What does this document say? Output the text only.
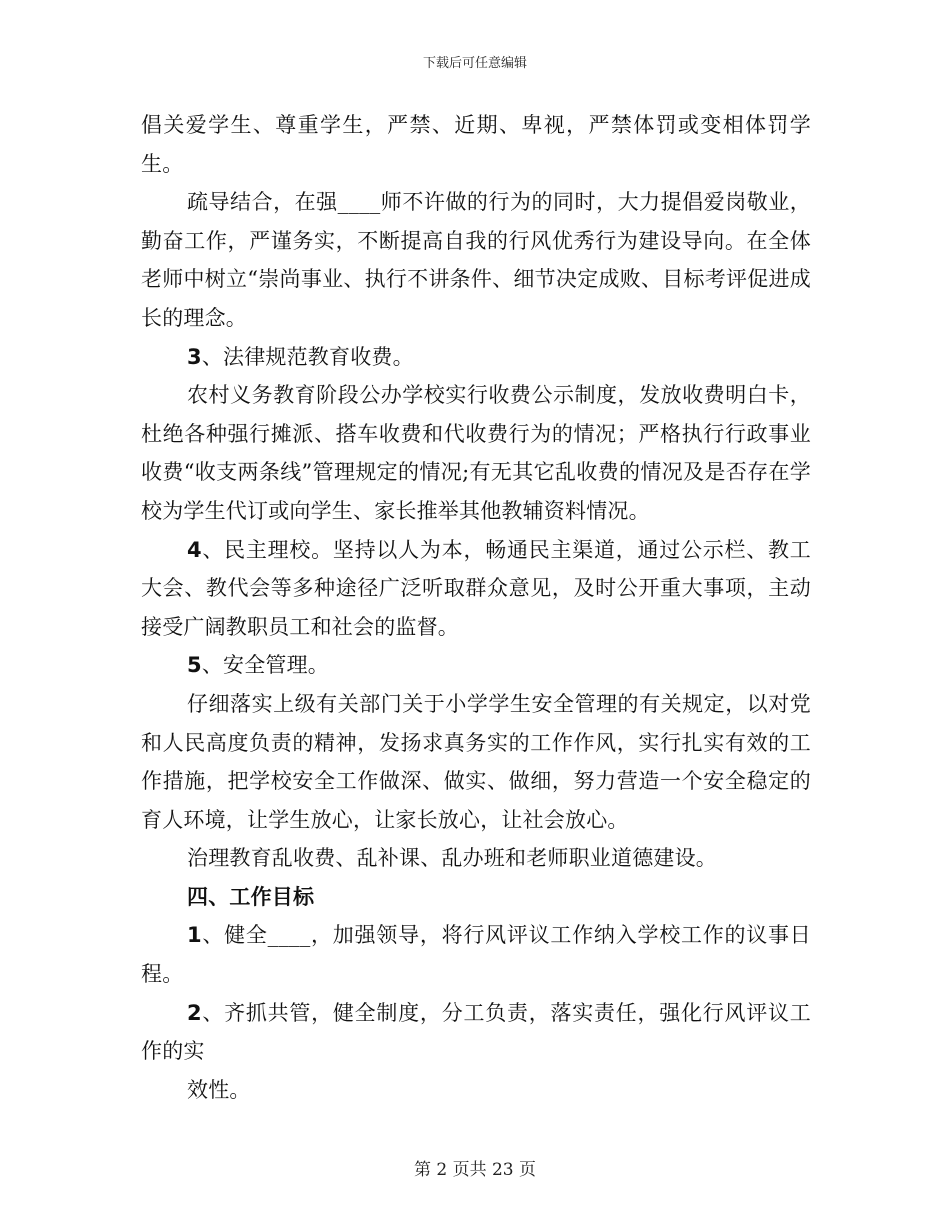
下载后可任意编辑

倡关爱学生、尊重学生，严禁、近期、卑视，严禁体罚或变相体罚学生。

疏导结合，在强____师不许做的行为的同时，大力提倡爱岗敬业，勤奋工作，严谨务实，不断提高自我的行风优秀行为建设导向。在全体老师中树立“崇尚事业、执行不讲条件、细节决定成败、目标考评促进成长的理念。

3、法律规范教育收费。

农村义务教育阶段公办学校实行收费公示制度，发放收费明白卡，杜绝各种强行摊派、搭车收费和代收费行为的情况；严格执行行政事业收费“收支两条线”管理规定的情况;有无其它乱收费的情况及是否存在学校为学生代订或向学生、家长推举其他教辅资料情况。

4、民主理校。坚持以人为本，畅通民主渠道，通过公示栏、教工大会、教代会等多种途径广泛听取群众意见，及时公开重大事项，主动接受广阔教职员工和社会的监督。

5、安全管理。

仔细落实上级有关部门关于小学学生安全管理的有关规定，以对党和人民高度负责的精神，发扬求真务实的工作作风，实行扎实有效的工作措施，把学校安全工作做深、做实、做细，努力营造一个安全稳定的育人环境，让学生放心，让家长放心，让社会放心。

治理教育乱收费、乱补课、乱办班和老师职业道德建设。

四、工作目标

1、健全____，加强领导，将行风评议工作纳入学校工作的议事日程。

2、齐抓共管，健全制度，分工负责，落实责任，强化行风评议工作的实

效性。

第 2 页共 23 页
